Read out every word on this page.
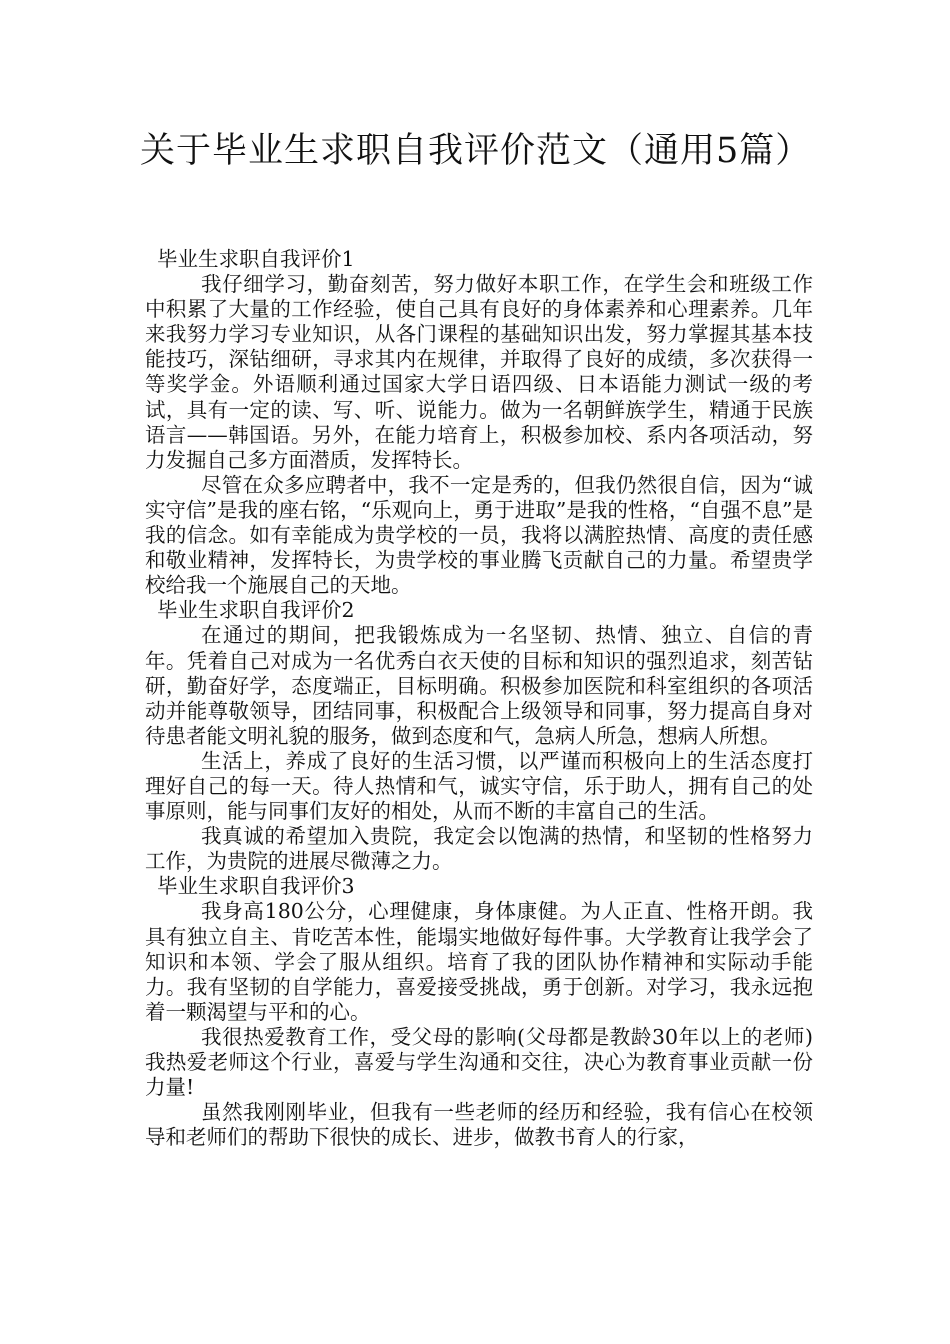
关于毕业生求职自我评价范文（通用5篇）

毕业生求职自我评价1

我仔细学习，勤奋刻苦，努力做好本职工作，在学生会和班级工作中积累了大量的工作经验，使自己具有良好的身体素养和心理素养。几年来我努力学习专业知识，从各门课程的基础知识出发，努力掌握其基本技能技巧，深钻细研，寻求其内在规律，并取得了良好的成绩，多次获得一等奖学金。外语顺利通过国家大学日语四级、日本语能力测试一级的考试，具有一定的读、写、听、说能力。做为一名朝鲜族学生，精通于民族语言——韩国语。另外，在能力培育上，积极参加校、系内各项活动，努力发掘自己多方面潜质，发挥特长。

尽管在众多应聘者中，我不一定是秀的，但我仍然很自信，因为“诚实守信”是我的座右铭，“乐观向上，勇于进取”是我的性格，“自强不息”是我的信念。如有幸能成为贵学校的一员，我将以满腔热情、高度的责任感和敬业精神，发挥特长，为贵学校的事业腾飞贡献自己的力量。希望贵学校给我一个施展自己的天地。

毕业生求职自我评价2

在通过的期间，把我锻炼成为一名坚韧、热情、独立、自信的青年。凭着自己对成为一名优秀白衣天使的目标和知识的强烈追求，刻苦钻研，勤奋好学，态度端正，目标明确。积极参加医院和科室组织的各项活动并能尊敬领导，团结同事，积极配合上级领导和同事，努力提高自身对待患者能文明礼貌的服务，做到态度和气，急病人所急，想病人所想。

生活上，养成了良好的生活习惯，以严谨而积极向上的生活态度打理好自己的每一天。待人热情和气，诚实守信，乐于助人，拥有自己的处事原则，能与同事们友好的相处，从而不断的丰富自己的生活。

我真诚的希望加入贵院，我定会以饱满的热情，和坚韧的性格努力工作，为贵院的进展尽微薄之力。

毕业生求职自我评价3

我身高180公分，心理健康，身体康健。为人正直、性格开朗。我具有独立自主、肯吃苦本性，能塌实地做好每件事。大学教育让我学会了知识和本领、学会了服从组织。培育了我的团队协作精神和实际动手能力。我有坚韧的自学能力，喜爱接受挑战，勇于创新。对学习，我永远抱着一颗渴望与平和的心。

我很热爱教育工作，受父母的影响(父母都是教龄30年以上的老师)我热爱老师这个行业，喜爱与学生沟通和交往，决心为教育事业贡献一份力量!

虽然我刚刚毕业，但我有一些老师的经历和经验，我有信心在校领导和老师们的帮助下很快的成长、进步，做教书育人的行家，
